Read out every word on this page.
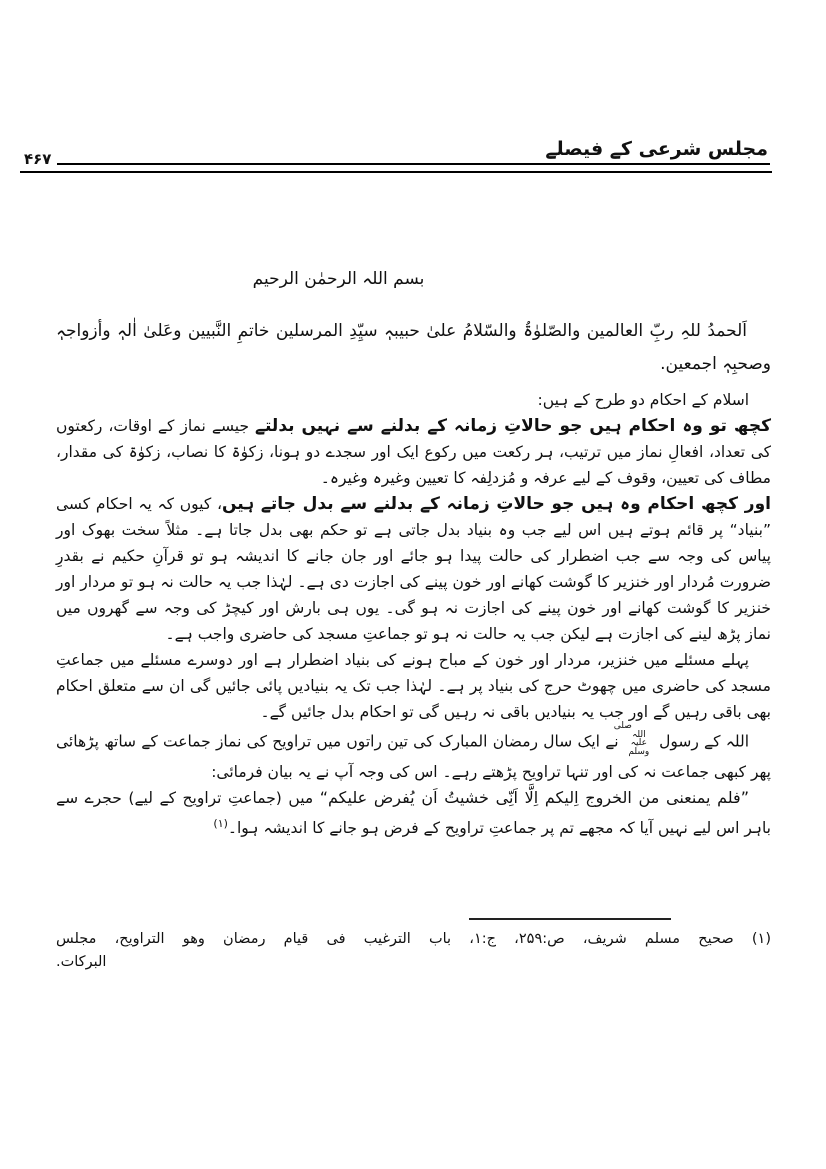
مجلس شرعی کے فیصلے
۴۶۷
بسم اللہ الرحمٰن الرحیم

اَلحمدُ للہِ ربِّ العالمین والصّلوٰۃُ والسّلامُ علیٰ حبیبہٖ سیِّدِ المرسلین خاتمِ النَّبیین وعَلیٰ اٰلہٖ وأزواجہٖ وصحبِہٖ اجمعین.

اسلام کے احکام دو طرح کے ہیں:

کچھ تو وہ احکام ہیں جو حالاتِ زمانہ کے بدلنے سے نہیں بدلتے جیسے نماز کے اوقات، رکعتوں کی تعداد، افعالِ نماز میں ترتیب، ہر رکعت میں رکوع ایک اور سجدے دو ہونا، زکوٰۃ کا نصاب، زکوٰۃ کی مقدار، مطاف کی تعیین، وقوف کے لیے عرفہ و مُزدلِفہ کا تعیین وغیرہ وغیرہ۔

اور کچھ احکام وہ ہیں جو حالاتِ زمانہ کے بدلنے سے بدل جاتے ہیں، کیوں کہ یہ احکام کسی ”بنیاد“ پر قائم ہوتے ہیں اس لیے جب وہ بنیاد بدل جاتی ہے تو حکم بھی بدل جاتا ہے۔ مثلاً سخت بھوک اور پیاس کی وجہ سے جب اضطرار کی حالت پیدا ہو جائے اور جان جانے کا اندیشہ ہو تو قرآنِ حکیم نے بقدرِ ضرورت مُردار اور خنزیر کا گوشت کھانے اور خون پینے کی اجازت دی ہے۔ لہٰذا جب یہ حالت نہ ہو تو مردار اور خنزیر کا گوشت کھانے اور خون پینے کی اجازت نہ ہو گی۔ یوں ہی بارش اور کیچڑ کی وجہ سے گھروں میں نماز پڑھ لینے کی اجازت ہے لیکن جب یہ حالت نہ ہو تو جماعتِ مسجد کی حاضری واجب ہے۔

پہلے مسئلے میں خنزیر، مردار اور خون کے مباح ہونے کی بنیاد اضطرار ہے اور دوسرے مسئلے میں جماعتِ مسجد کی حاضری میں چھوٹ حرج کی بنیاد پر ہے۔ لہٰذا جب تک یہ بنیادیں پائی جائیں گی ان سے متعلق احکام بھی باقی رہیں گے اور جب یہ بنیادیں باقی نہ رہیں گی تو احکام بدل جائیں گے۔

اللہ کے رسول صلی اللہ علیہ وسلم نے ایک سال رمضان المبارک کی تین راتوں میں تراویح کی نماز جماعت کے ساتھ پڑھائی پھر کبھی جماعت نہ کی اور تنہا تراویح پڑھتے رہے۔ اس کی وجہ آپ نے یہ بیان فرمائی:

”فلم یمنعنی من الخروج اِلیکم اِلَّا اَنِّی خشیتُ اَن یُفرض علیکم“ میں (جماعتِ تراویح کے لیے) حجرے سے باہر اس لیے نہیں آیا کہ مجھے تم پر جماعتِ تراویح کے فرض ہو جانے کا اندیشہ ہوا۔$^{(۱)}$

(۱) صحیح مسلم شریف، ص:۲۵۹، ج:۱، باب الترغیب فی قیام رمضان وھو التراویح، مجلس
البرکات.
